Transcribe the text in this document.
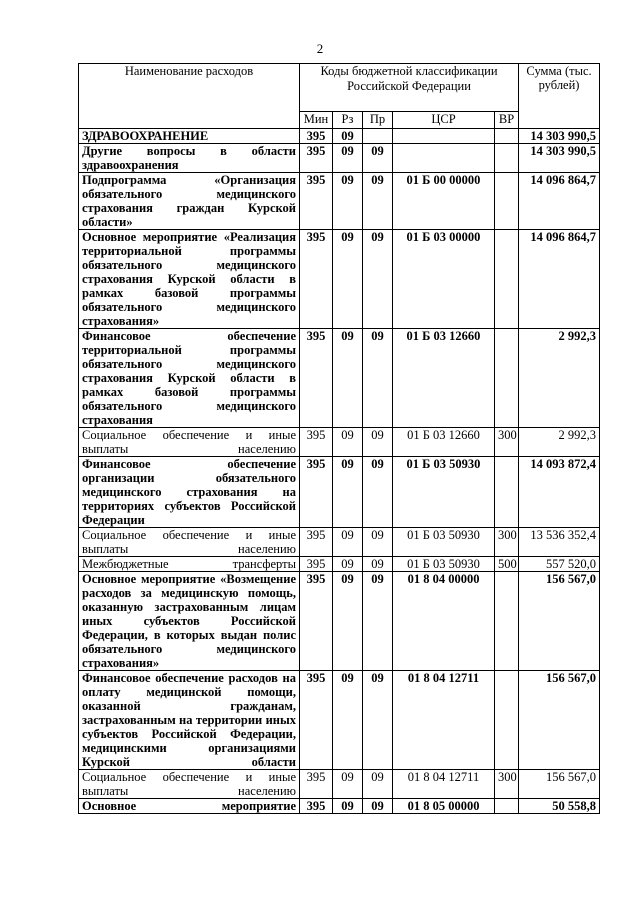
2
Наименование расходов	Коды бюджетной классификации Российской Федерации					Сумма (тыс. рублей)
	Мин	Рз	Пр	ЦСР	ВР	
ЗДРАВООХРАНЕНИЕ	395	09				14 303 990,5
Другие вопросы в области здравоохранения	395	09	09			14 303 990,5
Подпрограмма «Организация обязательного медицинского страхования граждан Курской области»	395	09	09	01 Б 00 00000		14 096 864,7
Основное мероприятие «Реализация территориальной программы обязательного медицинского страхования Курской области в рамках базовой программы обязательного медицинского страхования»	395	09	09	01 Б 03 00000		14 096 864,7
Финансовое обеспечение территориальной программы обязательного медицинского страхования Курской области в рамках базовой программы обязательного медицинского страхования	395	09	09	01 Б 03 12660		2 992,3
Социальное обеспечение и иные выплаты населению	395	09	09	01 Б 03 12660	300	2 992,3
Финансовое обеспечение организации обязательного медицинского страхования на территориях субъектов Российской Федерации	395	09	09	01 Б 03 50930		14 093 872,4
Социальное обеспечение и иные выплаты населению	395	09	09	01 Б 03 50930	300	13 536 352,4
Межбюджетные трансферты	395	09	09	01 Б 03 50930	500	557 520,0
Основное мероприятие «Возмещение расходов за медицинскую помощь, оказанную застрахованным лицам иных субъектов Российской Федерации, в которых выдан полис обязательного медицинского страхования»	395	09	09	01 8 04 00000		156 567,0
Финансовое обеспечение расходов на оплату медицинской помощи, оказанной гражданам, застрахованным на территории иных субъектов Российской Федерации, медицинскими организациями Курской области	395	09	09	01 8 04 12711		156 567,0
Социальное обеспечение и иные выплаты населению	395	09	09	01 8 04 12711	300	156 567,0
Основное мероприятие	395	09	09	01 8 05 00000		50 558,8
